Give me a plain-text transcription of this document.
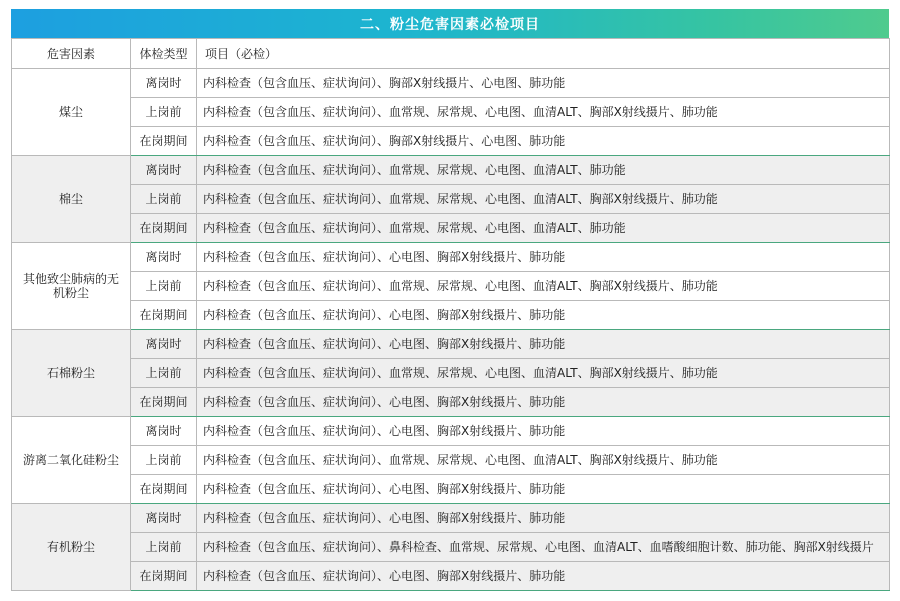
二、粉尘危害因素必检项目
危害因素	体检类型	项目（必检）
煤尘	离岗时	内科检查（包含血压、症状询问）、胸部X射线摄片、心电图、肺功能
	上岗前	内科检查（包含血压、症状询问）、血常规、尿常规、心电图、血清ALT、胸部X射线摄片、肺功能
	在岗期间	内科检查（包含血压、症状询问）、胸部X射线摄片、心电图、肺功能
棉尘	离岗时	内科检查（包含血压、症状询问）、血常规、尿常规、心电图、血清ALT、肺功能
	上岗前	内科检查（包含血压、症状询问）、血常规、尿常规、心电图、血清ALT、胸部X射线摄片、肺功能
	在岗期间	内科检查（包含血压、症状询问）、血常规、尿常规、心电图、血清ALT、肺功能
其他致尘肺病的无机粉尘	离岗时	内科检查（包含血压、症状询问）、心电图、胸部X射线摄片、肺功能
	上岗前	内科检查（包含血压、症状询问）、血常规、尿常规、心电图、血清ALT、胸部X射线摄片、肺功能
	在岗期间	内科检查（包含血压、症状询问）、心电图、胸部X射线摄片、肺功能
石棉粉尘	离岗时	内科检查（包含血压、症状询问）、心电图、胸部X射线摄片、肺功能
	上岗前	内科检查（包含血压、症状询问）、血常规、尿常规、心电图、血清ALT、胸部X射线摄片、肺功能
	在岗期间	内科检查（包含血压、症状询问）、心电图、胸部X射线摄片、肺功能
游离二氧化硅粉尘	离岗时	内科检查（包含血压、症状询问）、心电图、胸部X射线摄片、肺功能
	上岗前	内科检查（包含血压、症状询问）、血常规、尿常规、心电图、血清ALT、胸部X射线摄片、肺功能
	在岗期间	内科检查（包含血压、症状询问）、心电图、胸部X射线摄片、肺功能
有机粉尘	离岗时	内科检查（包含血压、症状询问）、心电图、胸部X射线摄片、肺功能
	上岗前	内科检查（包含血压、症状询问）、鼻科检查、血常规、尿常规、心电图、血清ALT、血嗜酸细胞计数、肺功能、胸部X射线摄片
	在岗期间	内科检查（包含血压、症状询问）、心电图、胸部X射线摄片、肺功能
